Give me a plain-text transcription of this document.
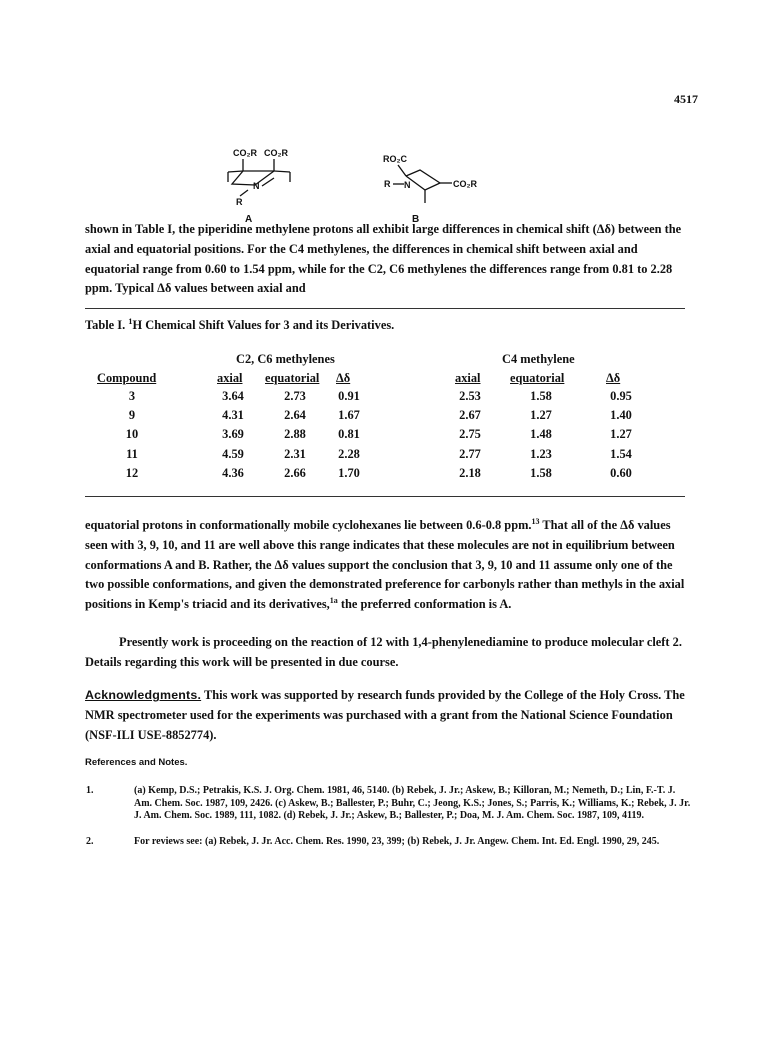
4517
CO₂R CO₂R
N
R
A
RO₂C
R N	CO₂R
B

shown in Table I, the piperidine methylene protons all exhibit large differences in chemical shift (Δδ) between the axial and equatorial positions. For the C4 methylenes, the differences in chemical shift between axial and equatorial range from 0.60 to 1.54 ppm, while for the C2, C6 methylenes the differences range from 0.81 to 2.28 ppm. Typical Δδ values between axial and

Table I. $^1$H Chemical Shift Values for 3 and its Derivatives.
C2, C6 methylenes	C4 methylene
Compound	axial equatorial Δδ	axial equatorial	Δδ
3	3.64	2.73	0.91	2.53	1.58	0.95
9	4.31	2.64	1.67	2.67	1.27	1.40
10	3.69	2.88	0.81	2.75	1.48	1.27
11	4.59	2.31	2.28	2.77	1.23	1.54
12	4.36	2.66	1.70	2.18	1.58	0.60

equatorial protons in conformationally mobile cyclohexanes lie between 0.6-0.8 ppm.$^{13}$ That all of the Δδ values seen with 3, 9, 10, and 11 are well above this range indicates that these molecules are not in equilibrium between conformations A and B. Rather, the Δδ values support the conclusion that 3, 9, 10 and 11 assume only one of the two possible conformations, and given the demonstrated preference for carbonyls rather than methyls in the axial positions in Kemp's triacid and its derivatives,$^{1a}$ the preferred conformation is A.

Presently work is proceeding on the reaction of 12 with 1,4-phenylenediamine to produce molecular cleft 2. Details regarding this work will be presented in due course.

Acknowledgments. This work was supported by research funds provided by the College of the Holy Cross. The NMR spectrometer used for the experiments was purchased with a grant from the National Science Foundation (NSF-ILI USE-8852774).

References and Notes.
1.	(a) Kemp, D.S.; Petrakis, K.S. J. Org. Chem. 1981, 46, 5140. (b) Rebek, J. Jr.; Askew, B.; Killoran, M.; Nemeth, D.; Lin, F.-T. J. Am. Chem. Soc. 1987, 109, 2426. (c) Askew, B.; Ballester, P.; Buhr, C.; Jeong, K.S.; Jones, S.; Parris, K.; Williams, K.; Rebek, J. Jr. J. Am. Chem. Soc. 1989, 111, 1082. (d) Rebek, J. Jr.; Askew, B.; Ballester, P.; Doa, M. J. Am. Chem. Soc. 1987, 109, 4119.
2.	For reviews see: (a) Rebek, J. Jr. Acc. Chem. Res. 1990, 23, 399; (b) Rebek, J. Jr. Angew. Chem. Int. Ed. Engl. 1990, 29, 245.
